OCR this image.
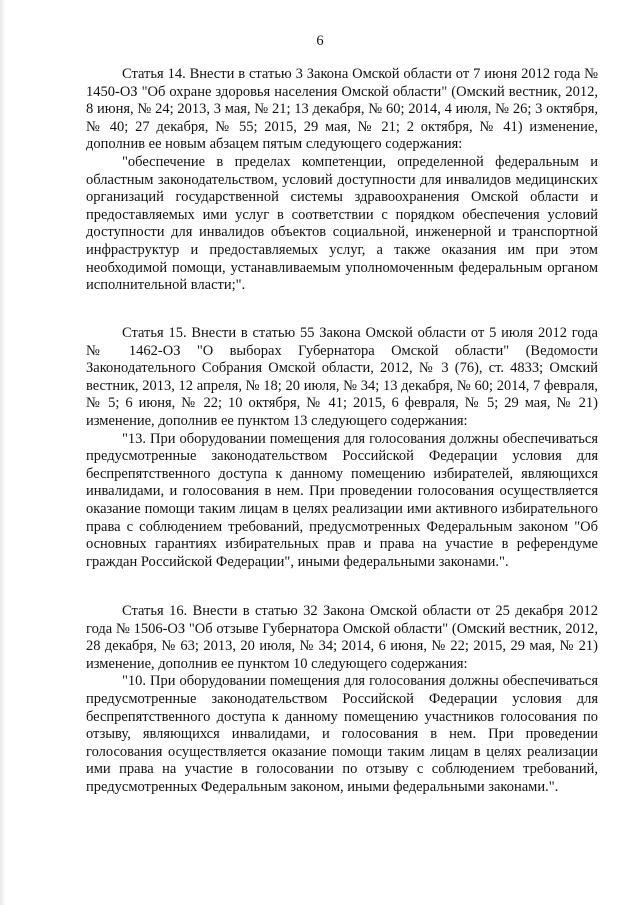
6

Статья 14. Внести в статью 3 Закона Омской области от 7 июня 2012 года № 1450-ОЗ "Об охране здоровья населения Омской области" (Омский вестник, 2012, 8 июня, № 24; 2013, 3 мая, № 21; 13 декабря, № 60; 2014, 4 июля, № 26; 3 октября, № 40; 27 декабря, № 55; 2015, 29 мая, № 21; 2 октября, № 41) изменение, дополнив ее новым абзацем пятым следующего содержания:

"обеспечение в пределах компетенции, определенной федеральным и областным законодательством, условий доступности для инвалидов медицинских организаций государственной системы здравоохранения Омской области и предоставляемых ими услуг в соответствии с порядком обеспечения условий доступности для инвалидов объектов социальной, инженерной и транспортной инфраструктур и предоставляемых услуг, а также оказания им при этом необходимой помощи, устанавливаемым уполномоченным федеральным органом исполнительной власти;".

Статья 15. Внести в статью 55 Закона Омской области от 5 июля 2012 года № 1462-ОЗ "О выборах Губернатора Омской области" (Ведомости Законодательного Собрания Омской области, 2012, № 3 (76), ст. 4833; Омский вестник, 2013, 12 апреля, № 18; 20 июля, № 34; 13 декабря, № 60; 2014, 7 февраля, № 5; 6 июня, № 22; 10 октября, № 41; 2015, 6 февраля, № 5; 29 мая, № 21) изменение, дополнив ее пунктом 13 следующего содержания:

"13. При оборудовании помещения для голосования должны обеспечиваться предусмотренные законодательством Российской Федерации условия для беспрепятственного доступа к данному помещению избирателей, являющихся инвалидами, и голосования в нем. При проведении голосования осуществляется оказание помощи таким лицам в целях реализации ими активного избирательного права с соблюдением требований, предусмотренных Федеральным законом "Об основных гарантиях избирательных прав и права на участие в референдуме граждан Российской Федерации", иными федеральными законами.".

Статья 16. Внести в статью 32 Закона Омской области от 25 декабря 2012 года № 1506-ОЗ "Об отзыве Губернатора Омской области" (Омский вестник, 2012, 28 декабря, № 63; 2013, 20 июля, № 34; 2014, 6 июня, № 22; 2015, 29 мая, № 21) изменение, дополнив ее пунктом 10 следующего содержания:

"10. При оборудовании помещения для голосования должны обеспечиваться предусмотренные законодательством Российской Федерации условия для беспрепятственного доступа к данному помещению участников голосования по отзыву, являющихся инвалидами, и голосования в нем. При проведении голосования осуществляется оказание помощи таким лицам в целях реализации ими права на участие в голосовании по отзыву с соблюдением требований, предусмотренных Федеральным законом, иными федеральными законами.".
